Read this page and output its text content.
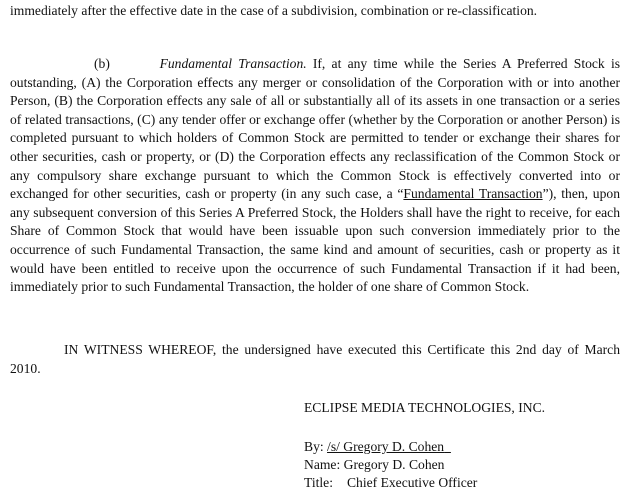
immediately after the effective date in the case of a subdivision, combination or re-classification.

(b)	Fundamental Transaction. If, at any time while the Series A Preferred Stock is outstanding, (A) the Corporation effects any merger or consolidation of the Corporation with or into another Person, (B) the Corporation effects any sale of all or substantially all of its assets in one transaction or a series of related transactions, (C) any tender offer or exchange offer (whether by the Corporation or another Person) is completed pursuant to which holders of Common Stock are permitted to tender or exchange their shares for other securities, cash or property, or (D) the Corporation effects any reclassification of the Common Stock or any compulsory share exchange pursuant to which the Common Stock is effectively converted into or exchanged for other securities, cash or property (in any such case, a “Fundamental Transaction”), then, upon any subsequent conversion of this Series A Preferred Stock, the Holders shall have the right to receive, for each Share of Common Stock that would have been issuable upon such conversion immediately prior to the occurrence of such Fundamental Transaction, the same kind and amount of securities, cash or property as it would have been entitled to receive upon the occurrence of such Fundamental Transaction if it had been, immediately prior to such Fundamental Transaction, the holder of one share of Common Stock.

IN WITNESS WHEREOF, the undersigned have executed this Certificate this 2nd day of March 2010.

ECLIPSE MEDIA TECHNOLOGIES, INC.
By: /s/ Gregory D. Cohen
Name: Gregory D. Cohen
Title: Chief Executive Officer
